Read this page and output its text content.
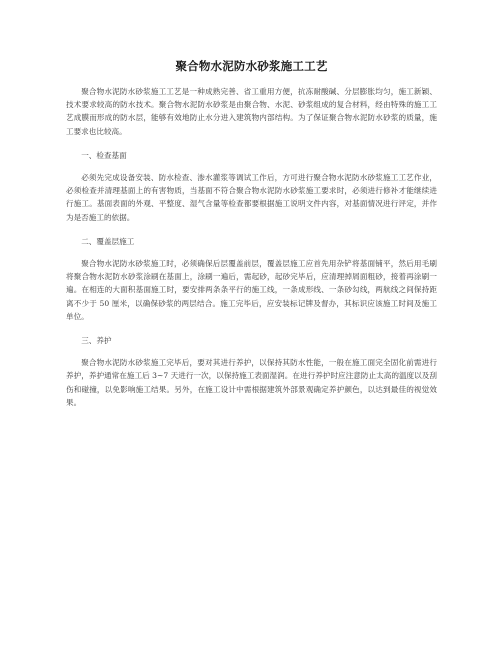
聚合物水泥防水砂浆施工工艺

聚合物水泥防水砂浆施工工艺是一种成熟完善、省工重用方便，抗冻耐酸碱、分层膨胀均匀，施工新颖、技术要求较高的防水技术。聚合物水泥防水砂浆是由聚合物、水泥、砂浆组成的复合材料，经由特殊的施工工艺成膜而形成的防水层，能够有效地防止水分进入建筑物内部结构。为了保证聚合物水泥防水砂浆的质量，施工要求也比较高。

一、检查基面

必须先完成设备安装、防水检查、渗水灌浆等调试工作后，方可进行聚合物水泥防水砂浆施工工艺作业，必须检查并清理基面上的有害物质，当基面不符合聚合物水泥防水砂浆施工要求时，必须进行修补才能继续进行施工。基面表面的外观、平整度、湿气含量等检查都要根据施工说明文件内容，对基面情况进行评定，并作为是否施工的依据。

二、覆盖层施工

聚合物水泥防水砂浆施工时，必须确保后层覆盖前层，覆盖层施工应首先用杂铲将基面铺平，然后用毛刷将聚合物水泥防水砂浆涂刷在基面上，涂刷一遍后，需起砂，起砂完毕后，应清理掉屑面粗砂，接着再涂刷一遍。在相连的大面积基面施工时，要安排两条条平行的施工线，一条成形线、一条砂勾线，两航线之间保持距离不少于 50 厘米，以确保砂浆的两层结合。施工完毕后，应安装标记牌及督办，其标识应该施工时间及施工单位。

三、养护

聚合物水泥防水砂浆施工完毕后，要对其进行养护，以保持其防水性能，一般在施工面完全固化前需进行养护，养护通常在施工后 3~7 天进行一次，以保持施工表面湿润。在进行养护时应注意防止太高的温度以及刮伤和碰撞，以免影响施工结果。另外，在施工设计中需根据建筑外部景观确定养护颜色，以达到最佳的视觉效果。
